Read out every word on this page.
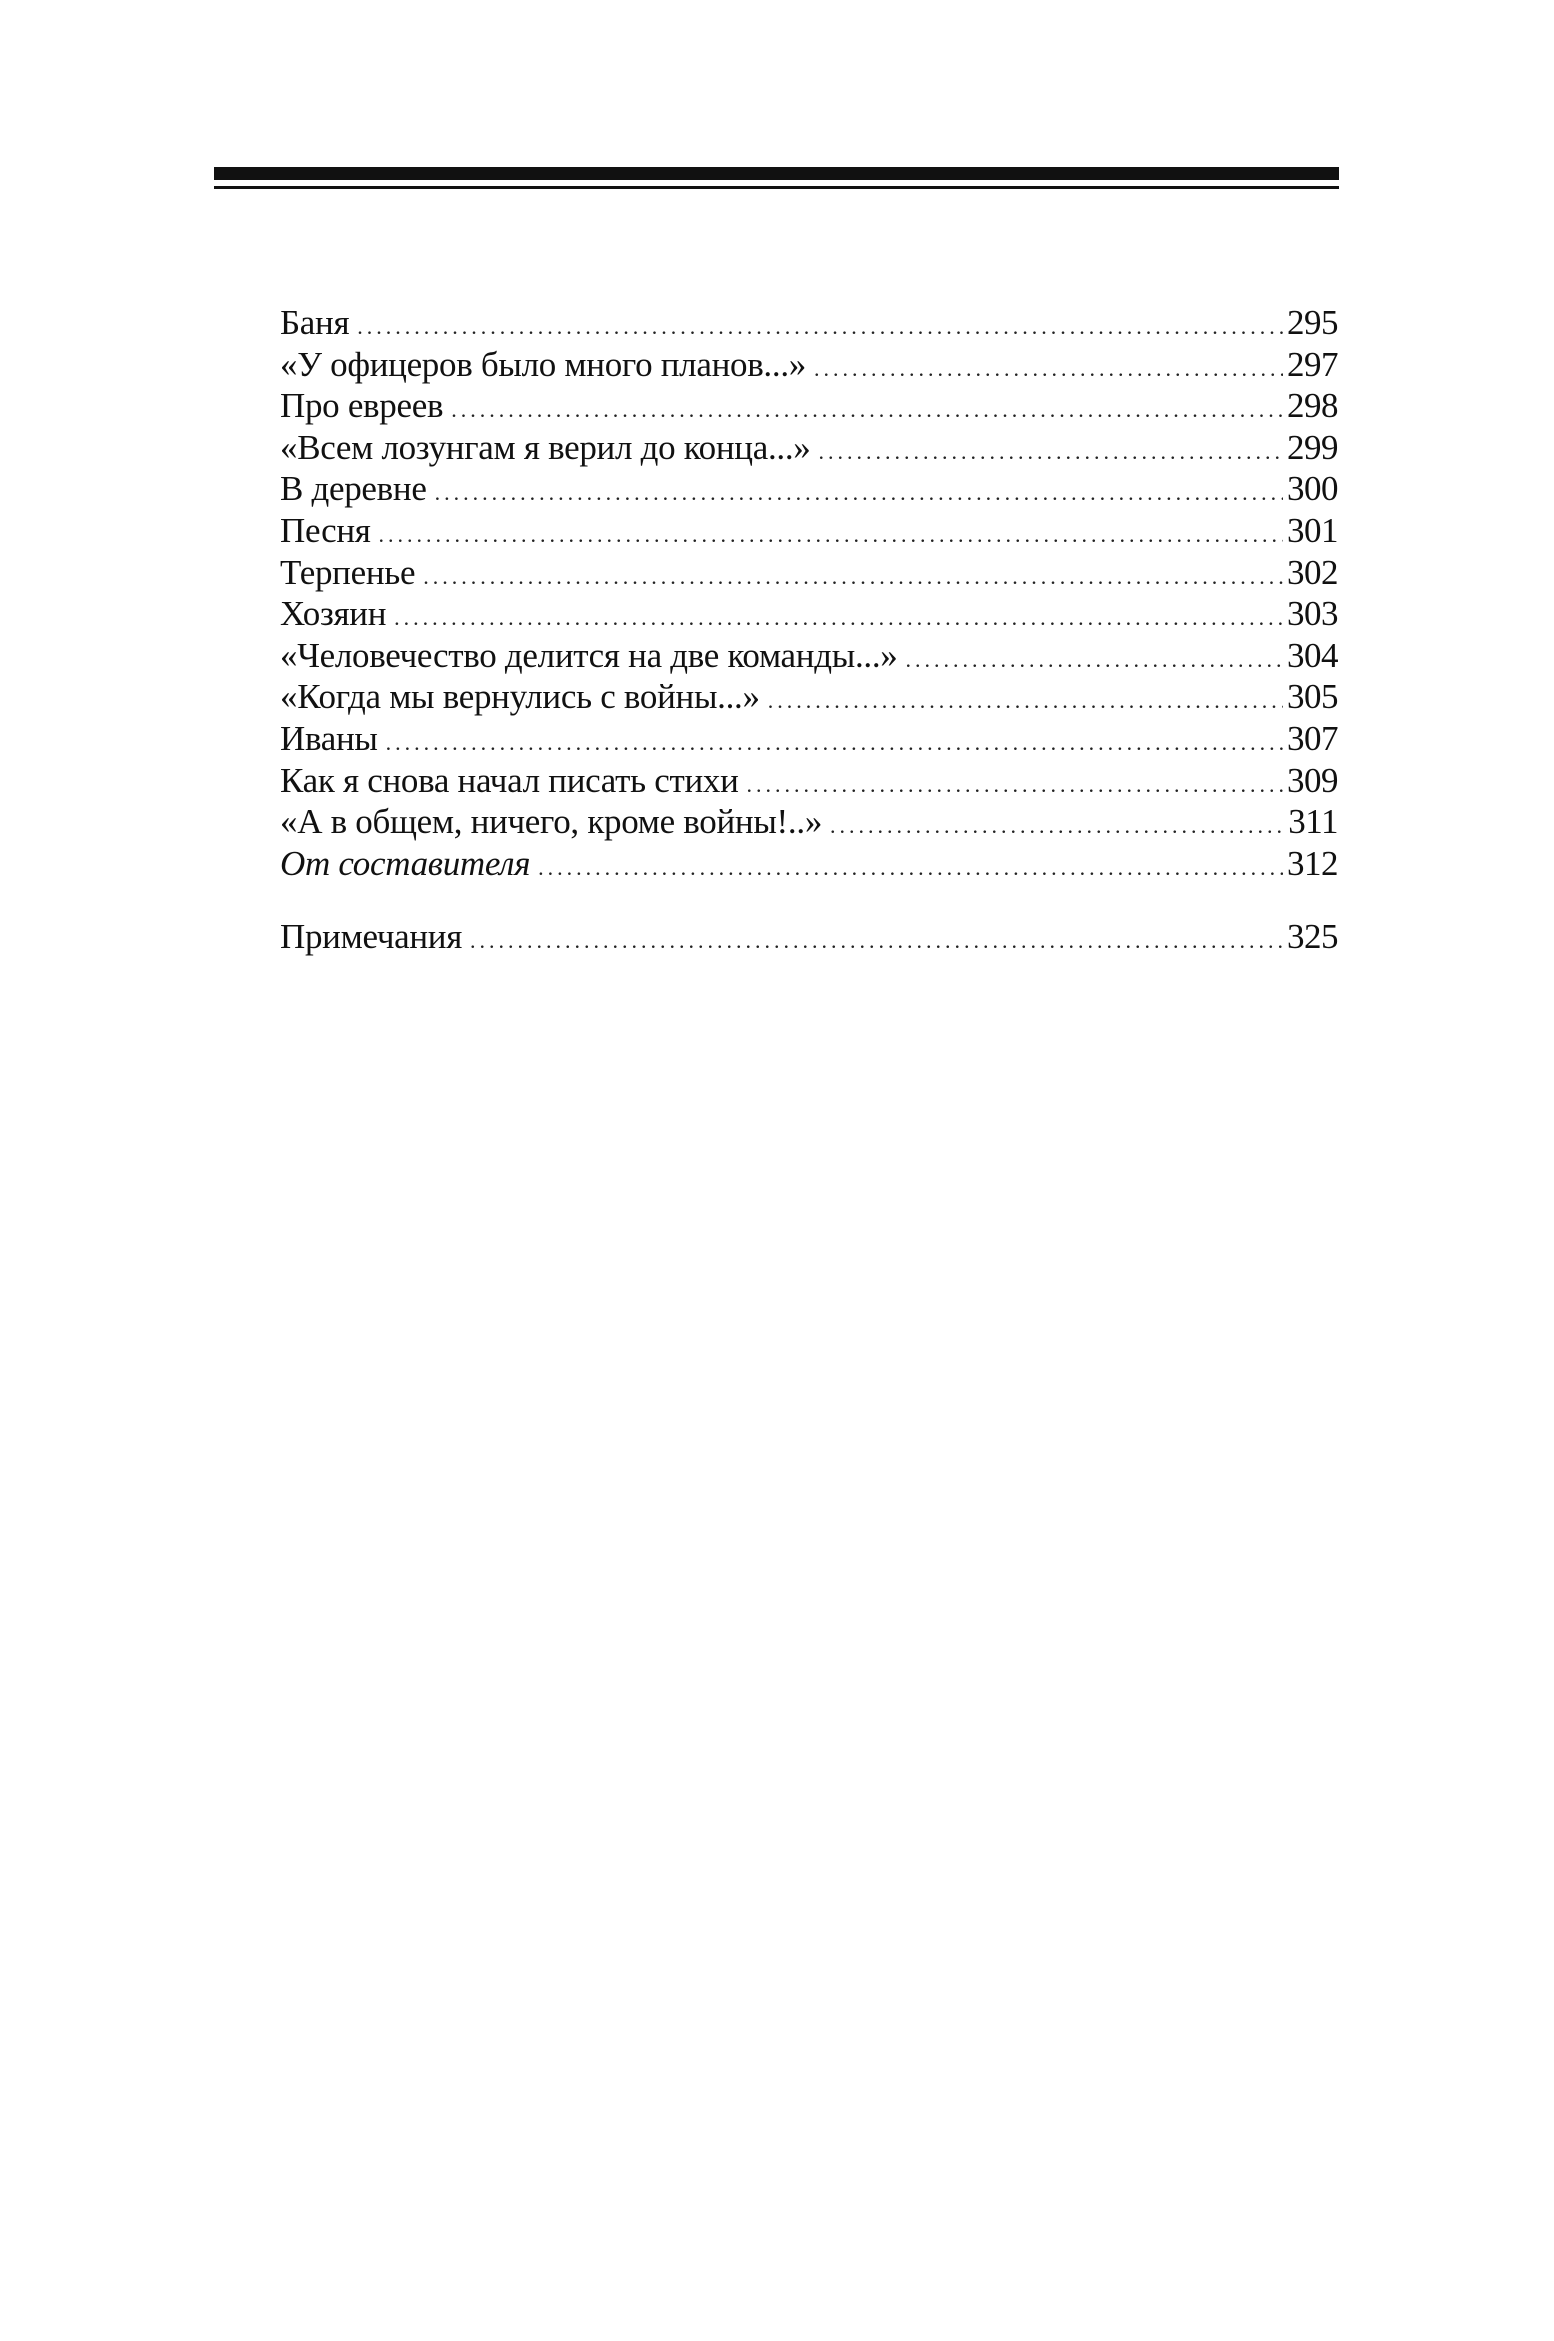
Баня .....	295
«У офицеров было много планов...» .....	297
Про евреев .....	298
«Всем лозунгам я верил до конца...» .....	299
В деревне .....	300
Песня .....	301
Терпенье .....	302
Хозяин .....	303
«Человечество делится на две команды...» .....	304
«Когда мы вернулись с войны...» .....	305
Иваны .....	307
Как я снова начал писать стихи .....	309
«А в общем, ничего, кроме войны!..» .....	311
От составителя .....	312
Примечания .....	325
